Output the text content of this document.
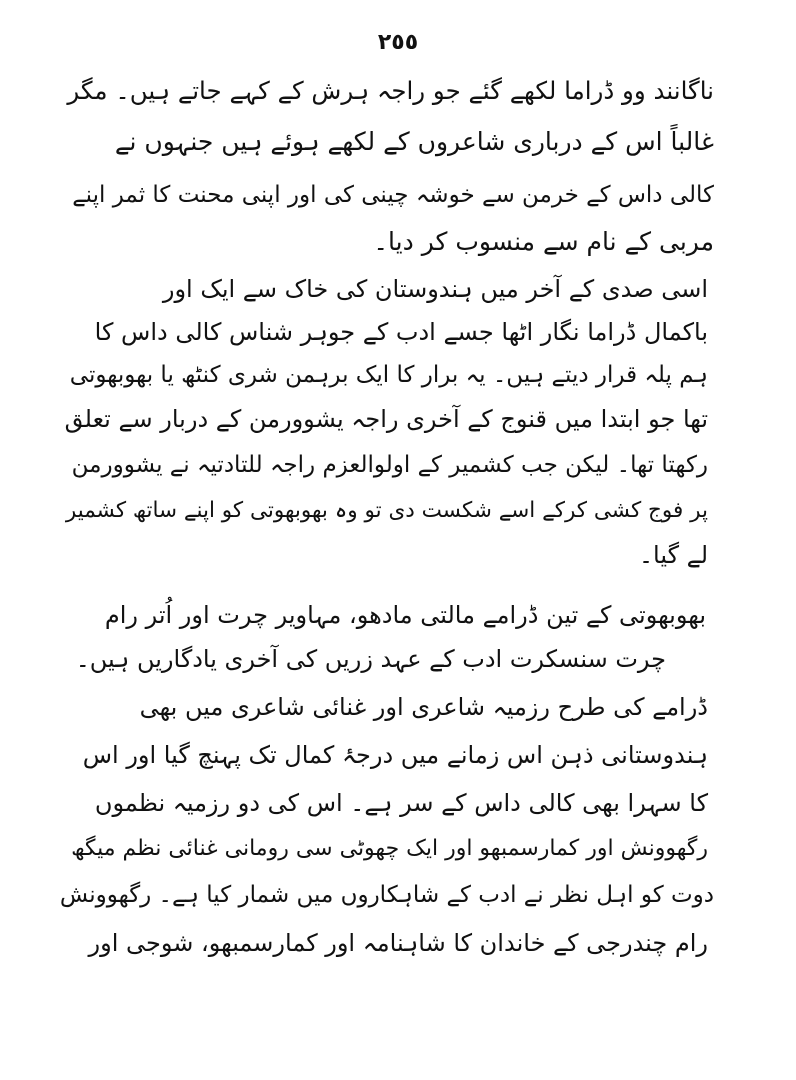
٢٥٥
ناگانند وو ڈراما لکھے گئے جو راجہ ہرش کے کہے جاتے ہیں۔ مگر
غالباً اس کے درباری شاعروں کے لکھے ہوئے ہیں جنہوں نے
کالی داس کے خرمن سے خوشہ چینی کی اور اپنی محنت کا ثمر اپنے
مربی کے نام سے منسوب کر دیا۔
اسی صدی کے آخر میں ہندوستان کی خاک سے ایک اور
باکمال ڈراما نگار اٹھا جسے ادب کے جوہر شناس کالی داس کا
ہم پلہ قرار دیتے ہیں۔ یہ برار کا ایک برہمن شری کنٹھ یا بھوبھوتی
تھا جو ابتدا میں قنوج کے آخری راجہ یشوورمن کے دربار سے تعلق
رکھتا تھا۔ لیکن جب کشمیر کے اولوالعزم راجہ للتادتیہ نے یشوورمن
پر فوج کشی کرکے اسے شکست دی تو وہ بھوبھوتی کو اپنے ساتھ کشمیر
لے گیا۔
بھوبھوتی کے تین ڈرامے مالتی مادھو، مہاویر چرت اور اُتر رام
چرت سنسکرت ادب کے عہد زریں کی آخری یادگاریں ہیں۔
ڈرامے کی طرح رزمیہ شاعری اور غنائی شاعری میں بھی
ہندوستانی ذہن اس زمانے میں درجۂ کمال تک پہنچ گیا اور اس
کا سہرا بھی کالی داس کے سر ہے۔ اس کی دو رزمیہ نظموں
رگھوونش اور کمارسمبھو اور ایک چھوٹی سی رومانی غنائی نظم میگھ
دوت کو اہل نظر نے ادب کے شاہکاروں میں شمار کیا ہے۔ رگھوونش
رام چندرجی کے خاندان کا شاہنامہ اور کمارسمبھو، شوجی اور
